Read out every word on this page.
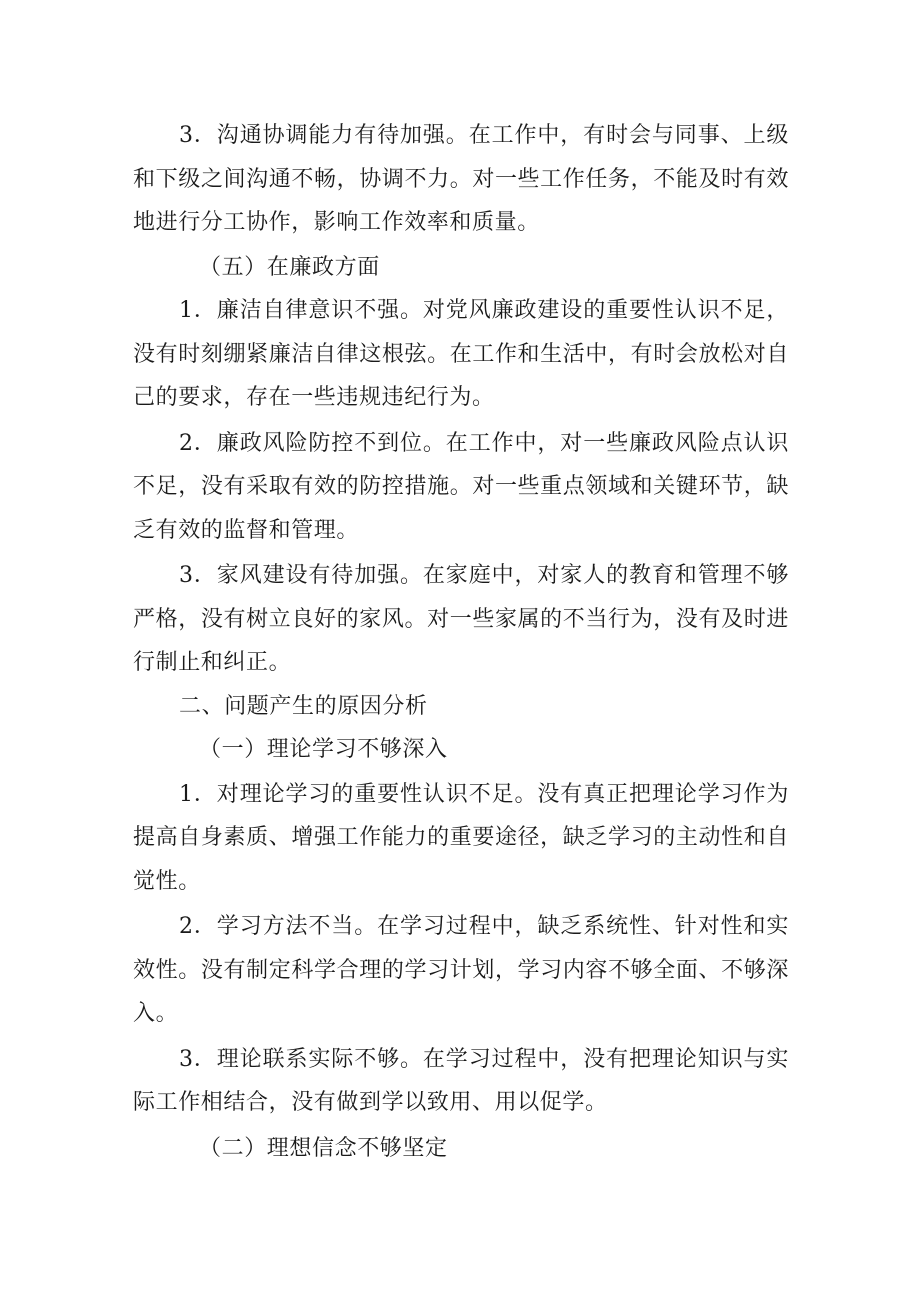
3．沟通协调能力有待加强。在工作中，有时会与同事、上级和下级之间沟通不畅，协调不力。对一些工作任务，不能及时有效地进行分工协作，影响工作效率和质量。

（五）在廉政方面

1．廉洁自律意识不强。对党风廉政建设的重要性认识不足，没有时刻绷紧廉洁自律这根弦。在工作和生活中，有时会放松对自己的要求，存在一些违规违纪行为。

2．廉政风险防控不到位。在工作中，对一些廉政风险点认识不足，没有采取有效的防控措施。对一些重点领域和关键环节，缺乏有效的监督和管理。

3．家风建设有待加强。在家庭中，对家人的教育和管理不够严格，没有树立良好的家风。对一些家属的不当行为，没有及时进行制止和纠正。

二、问题产生的原因分析

（一）理论学习不够深入

1．对理论学习的重要性认识不足。没有真正把理论学习作为提高自身素质、增强工作能力的重要途径，缺乏学习的主动性和自觉性。

2．学习方法不当。在学习过程中，缺乏系统性、针对性和实效性。没有制定科学合理的学习计划，学习内容不够全面、不够深入。

3．理论联系实际不够。在学习过程中，没有把理论知识与实际工作相结合，没有做到学以致用、用以促学。

（二）理想信念不够坚定
